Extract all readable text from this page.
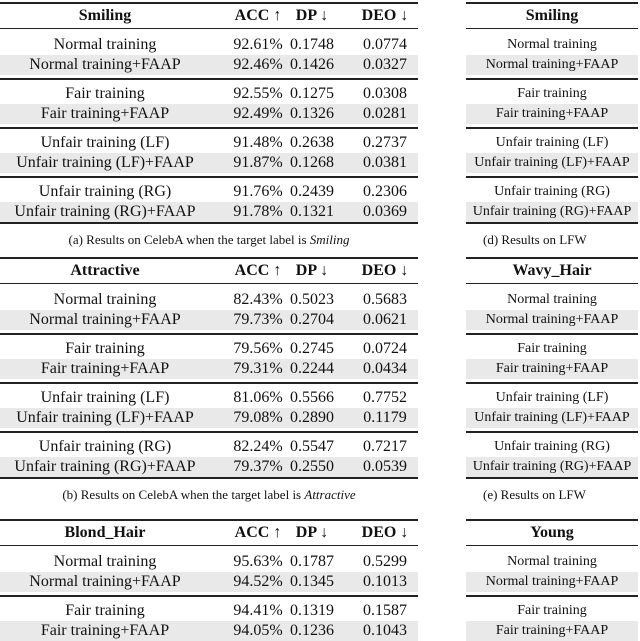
Smiling	ACC ↑ DP ↓ DEO ↓
Normal training	92.61% 0.1748 0.0774
Normal training+FAAP	92.46% 0.1426 0.0327
Fair training	92.55% 0.1275 0.0308
Fair training+FAAP	92.49% 0.1326 0.0281
Unfair training (LF)	91.48% 0.2638 0.2737
Unfair training (LF)+FAAP 91.87% 0.1268 0.0381
Unfair training (RG)	91.76% 0.2439 0.2306
Unfair training (RG)+FAAP 91.78% 0.1321 0.0369
(a) Results on CelebA when the target label is Smiling
Attractive	ACC ↑ DP ↓ DEO ↓
Normal training	82.43% 0.5023 0.5683
Normal training+FAAP	79.73% 0.2704 0.0621
Fair training	79.56% 0.2745 0.0724
Fair training+FAAP	79.31% 0.2244 0.0434
Unfair training (LF)	81.06% 0.5566 0.7752
Unfair training (LF)+FAAP 79.08% 0.2890 0.1179
Unfair training (RG)	82.24% 0.5547 0.7217
Unfair training (RG)+FAAP 79.37% 0.2550 0.0539
(b) Results on CelebA when the target label is Attractive
Blond_Hair	ACC ↑ DP ↓ DEO ↓
Normal training	95.63% 0.1787 0.5299
Normal training+FAAP	94.52% 0.1345 0.1013
Fair training	94.41% 0.1319 0.1587
Fair training+FAAP	94.05% 0.1236 0.1043
Smiling
Normal training
Normal training+FAAP
Fair training
Fair training+FAAP
Unfair training (LF)
Unfair training (LF)+FAAP
Unfair training (RG)
Unfair training (RG)+FAAP
(d) Results on LFW
Wavy_Hair
Normal training
Normal training+FAAP
Fair training
Fair training+FAAP
Unfair training (LF)
Unfair training (LF)+FAAP
Unfair training (RG)
Unfair training (RG)+FAAP
(e) Results on LFW
Young
Normal training
Normal training+FAAP
Fair training
Fair training+FAAP
